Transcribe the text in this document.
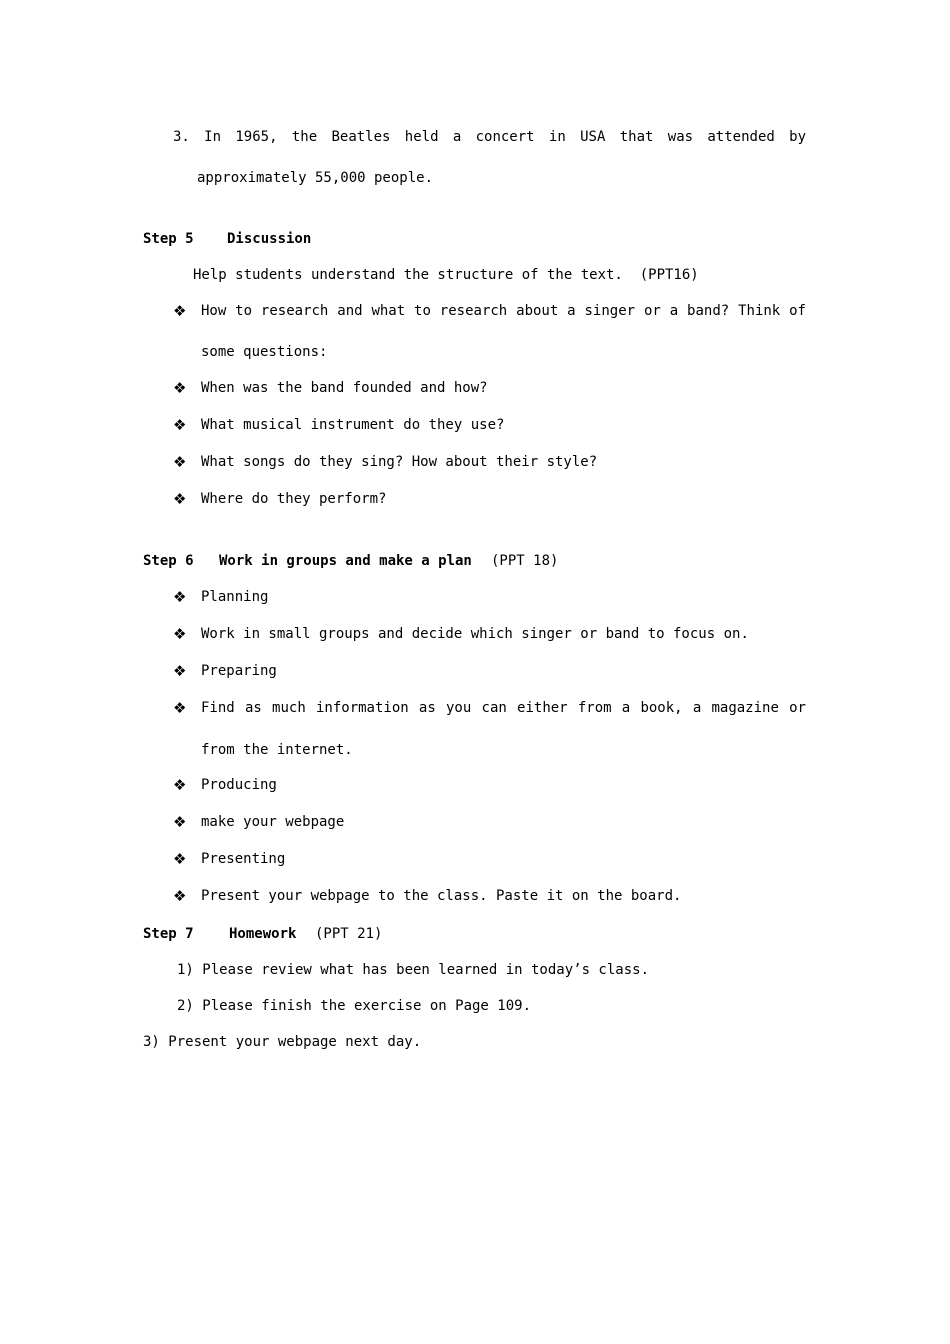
3. In 1965, the Beatles held a concert in USA that was attended by
approximately 55,000 people.
Step 5 Discussion
Help students understand the structure of the text.  (PPT16)
❖ How to research and what to research about a singer or a band? Think of
some questions:
❖ When was the band founded and how?
❖ What musical instrument do they use?
❖ What songs do they sing? How about their style?
❖ Where do they perform?
Step 6 Work in groups and make a plan (PPT 18)
❖ Planning
❖ Work in small groups and decide which singer or band to focus on.
❖ Preparing
❖ Find as much information as you can either from a book, a magazine or
from the internet.
❖ Producing
❖ make your webpage
❖ Presenting
❖ Present your webpage to the class. Paste it on the board.
Step 7	Homework (PPT 21)
1) Please review what has been learned in today’s class.
2) Please finish the exercise on Page 109.
3) Present your webpage next day.
